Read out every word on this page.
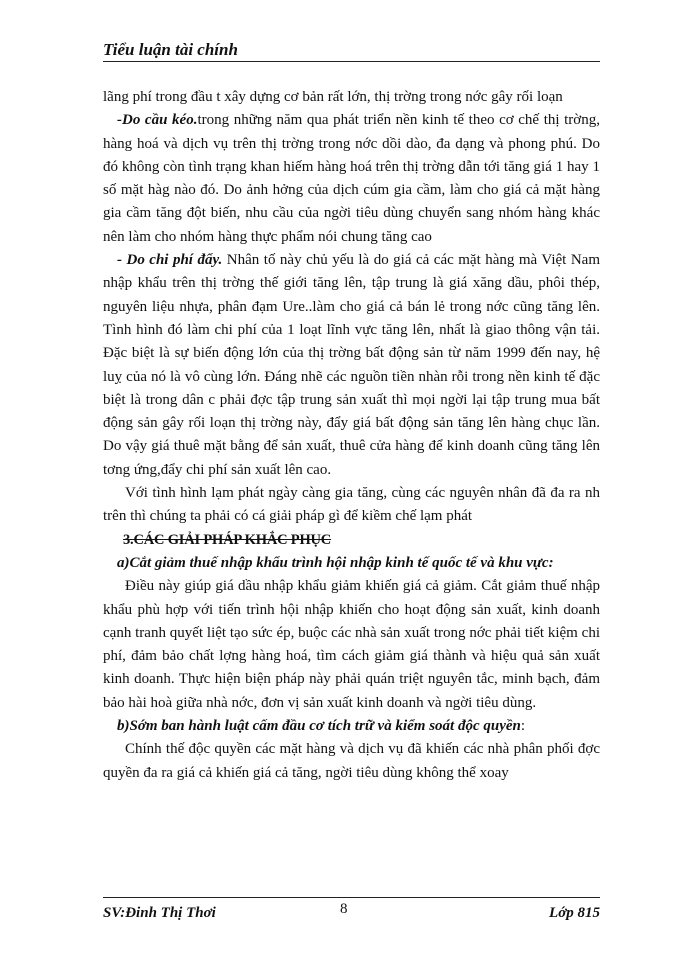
Tiểu luận tài chính

lãng phí trong đầu t xây dựng cơ bản rất lớn, thị trờng trong nớc gây rối loạn

-Do cầu kéo.trong những năm qua phát triển nền kinh tế theo cơ chế thị trờng, hàng hoá và dịch vụ trên thị trờng trong nớc dồi dào, đa dạng và phong phú. Do đó không còn tình trạng khan hiếm hàng hoá trên thị trờng dẫn tới tăng giá 1 hay 1 số mặt hàg nào đó. Do ảnh hởng của dịch cúm gia cầm, làm cho giá cả mặt hàng gia cầm tăng đột biến, nhu cầu của ngời tiêu dùng chuyển sang nhóm hàng khác nên làm cho nhóm hàng thực phẩm nói chung tăng cao

- Do chi phí đẩy. Nhân tố này chủ yếu là do giá cả các mặt hàng mà Việt Nam nhập khẩu trên thị trờng thế giới tăng lên, tập trung là giá xăng dầu, phôi thép, nguyên liệu nhựa, phân đạm Ure..làm cho giá cả bán lẻ trong nớc cũng tăng lên. Tình hình đó làm chi phí của 1 loạt lĩnh vực tăng lên, nhất là giao thông vận tải. Đặc biệt là sự biến động lớn của thị trờng bất động sản từ năm 1999 đến nay, hệ luỵ của nó là vô cùng lớn. Đáng nhẽ các nguồn tiền nhàn rỗi trong nền kinh tế đặc biệt là trong dân c phải đợc tập trung sản xuất thì mọi ngời lại tập trung mua bất động sản gây rối loạn thị trờng này, đẩy giá bất động sản tăng lên hàng chục lần. Do vậy giá thuê mặt bằng để sản xuất, thuê cửa hàng để kinh doanh cũng tăng lên tơng ứng,đẩy chi phí sản xuất lên cao.

Với tình hình lạm phát ngày càng gia tăng, cùng các nguyên nhân đã đa ra nh trên thì chúng ta phải có cá giải pháp gì để kiềm chế lạm phát

3.CÁC GIẢI PHÁP KHẮC PHỤC

a)Cắt giảm thuế nhập khẩu trình hội nhập kinh tế quốc tế và khu vực:

Điều này giúp giá dầu nhập khẩu giảm khiến giá cả giảm. Cắt giảm thuế nhập khẩu phù hợp với tiến trình hội nhập khiến cho hoạt động sản xuất, kinh doanh cạnh tranh quyết liệt tạo sức ép, buộc các nhà sản xuất trong nớc phải tiết kiệm chi phí, đảm bảo chất lợng hàng hoá, tìm cách giảm giá thành và hiệu quả sản xuất kinh doanh. Thực hiện biện pháp này phải quán triệt nguyên tắc, minh bạch, đảm bảo hài hoà giữa nhà nớc, đơn vị sản xuất kinh doanh và ngời tiêu dùng.

b)Sớm ban hành luật cấm đầu cơ tích trữ và kiểm soát độc quyền:

Chính thế độc quyền các mặt hàng và dịch vụ đã khiến các nhà phân phối đợc quyền đa ra giá cả khiến giá cả tăng, ngời tiêu dùng không thể xoay

SV:Đinh Thị Thơi	8	Lớp 815
